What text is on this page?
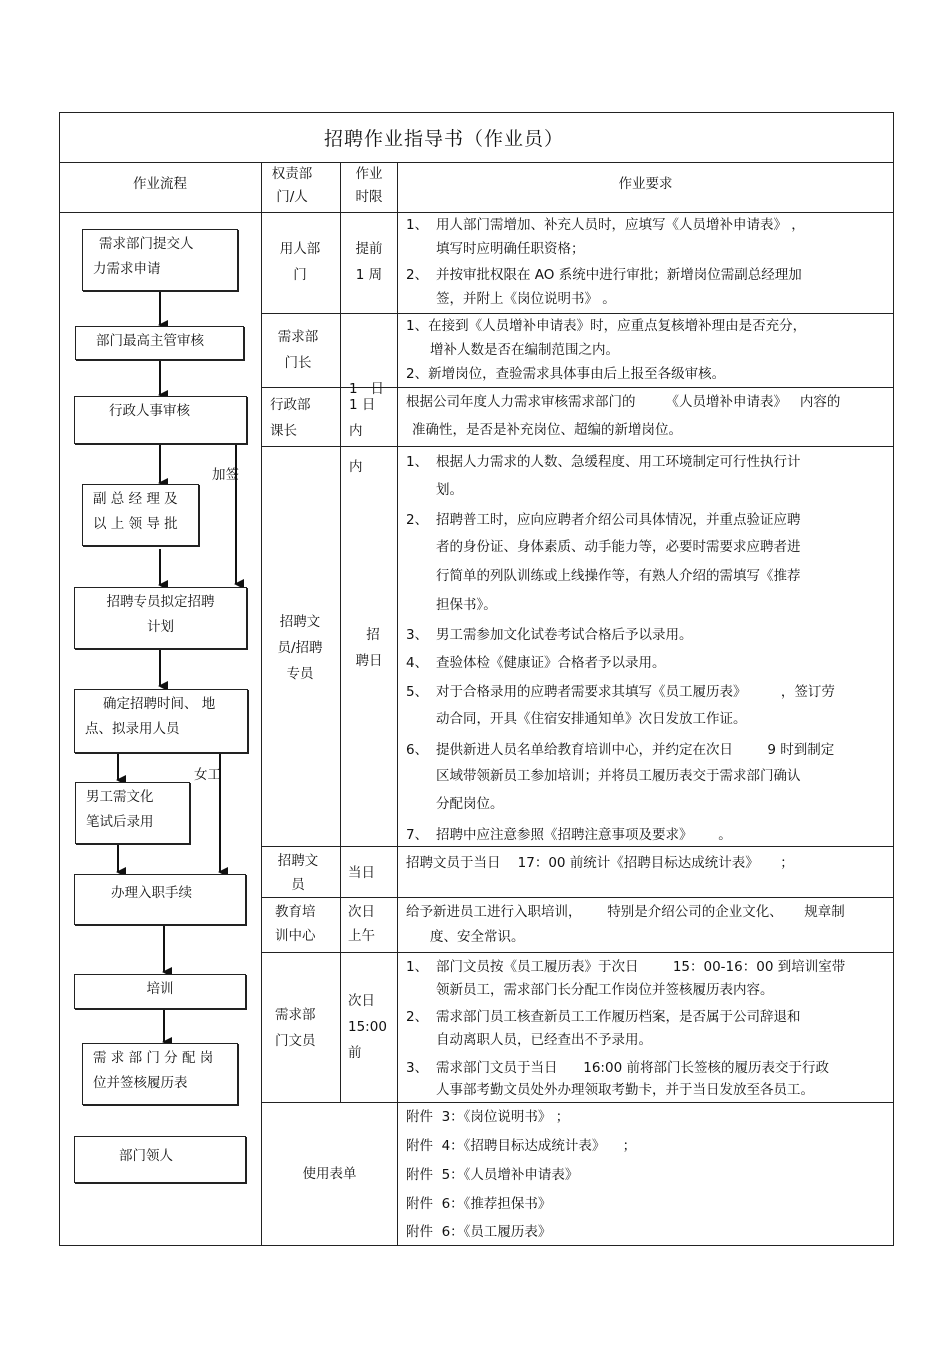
招聘作业指导书（作业员）
作业流程
权责部
门/人
作业
时限
作业要求
需求部门提交人
力需求申请
部门最高主管审核
行政人事审核
加签
副 总 经 理 及
以 上 领 导 批
招聘专员拟定招聘
计划
确定招聘时间、 地
点、拟录用人员
女工
男工需文化
笔试后录用
办理入职手续
培训
需 求 部 门 分 配 岗
位并签核履历表
部门领人
用人部
门
提前
1 周
1、 用人部门需增加、补充人员时，应填写《人员增补申请表》 ，
填写时应明确任职资格；
2、 并按审批权限在 AO 系统中进行审批；新增岗位需副总经理加
签，并附上《岗位说明书》 。
需求部
门长

1   日

内

1、在接到《人员增补申请表》时，应重点复核增补理由是否充分，
增补人数是否在编制范围之内。
2、新增岗位，查验需求具体事由后上报至各级审核。
行政部
课长
1 日
内
根据公司年度人力需求审核需求部门的       《人员增补申请表》   内容的
准确性，是否是补充岗位、超编的新增岗位。
招聘文
员/招聘
专员
招
聘日
1、 根据人力需求的人数、急缓程度、用工环境制定可行性执行计
划。
2、 招聘普工时，应向应聘者介绍公司具体情况，并重点验证应聘
者的身份证、身体素质、动手能力等，必要时需要求应聘者进
行简单的列队训练或上线操作等，有熟人介绍的需填写《推荐
担保书》。
3、 男工需参加文化试卷考试合格后予以录用。
4、 查验体检《健康证》合格者予以录用。
5、 对于合格录用的应聘者需要求其填写《员工履历表》        ，签订劳
动合同，开具《住宿安排通知单》次日发放工作证。
6、 提供新进人员名单给教育培训中心，并约定在次日        9 时到制定
区域带领新员工参加培训；并将员工履历表交于需求部门确认
分配岗位。
7、 招聘中应注意参照《招聘注意事项及要求》      。
招聘文
员
当日
招聘文员于当日    17：00 前统计《招聘目标达成统计表》     ；
教育培
训中心
次日
上午
给予新进员工进行入职培训，      特别是介绍公司的企业文化、     规章制
度、安全常识。
需求部
门文员
次日
15:00
前
1、 部门文员按《员工履历表》于次日        15：00-16：00 到培训室带
领新员工，需求部门长分配工作岗位并签核履历表内容。
2、 需求部门员工核查新员工工作履历档案，是否属于公司辞退和
自动离职人员，已经查出不予录用。
3、 需求部门文员于当日      16:00 前将部门长签核的履历表交于行政
人事部考勤文员处外办理领取考勤卡，并于当日发放至各员工。
使用表单
附件  3：《岗位说明书》 ；
附件  4：《招聘目标达成统计表》    ；
附件  5：《人员增补申请表》
附件  6：《推荐担保书》
附件  6：《员工履历表》
